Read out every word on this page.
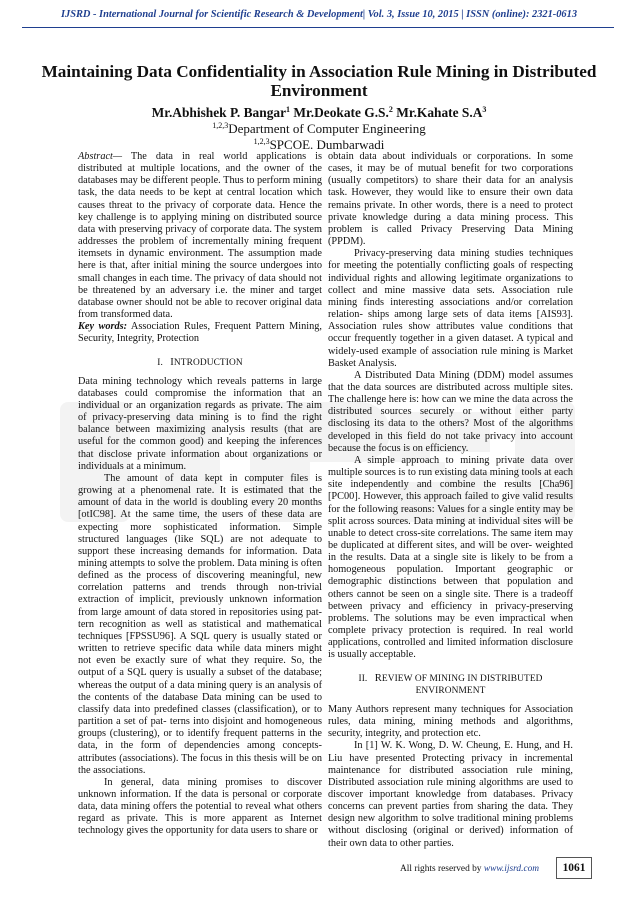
IJSRD - International Journal for Scientific Research & Development| Vol. 3, Issue 10, 2015 | ISSN (online): 2321-0613
Maintaining Data Confidentiality in Association Rule Mining in Distributed Environment
Mr.Abhishek P. Bangar$^1$ Mr.Deokate G.S.$^2$ Mr.Kahate $S.A^3$
$^{1,2,3}$Department of Computer Engineering
$^{1,2,3}$SPCOE. Dumbarwadi

Abstract— The data in real world applications is distributed at multiple locations, and the owner of the databases may be different people. Thus to perform mining task, the data needs to be kept at central location which causes threat to the privacy of corporate data. Hence the key challenge is to applying mining on distributed source data with preserving privacy of corporate data. The system addresses the problem of incrementally mining frequent itemsets in dynamic environment. The assumption made here is that, after initial mining the source undergoes into small changes in each time. The privacy of data should not be threatened by an adversary i.e. the miner and target database owner should not be able to recover original data from transformed data.

Key words: Association Rules, Frequent Pattern Mining, Security, Integrity, Protection

I. INTRODUCTION

Data mining technology which reveals patterns in large databases could compromise the information that an individual or an organization regards as private. The aim of privacy-preserving data mining is to find the right balance between maximizing analysis results (that are useful for the common good) and keeping the inferences that disclose private information about organizations or individuals at a minimum.

The amount of data kept in computer files is growing at a phenomenal rate. It is estimated that the amount of data in the world is doubling every 20 months [otIC98]. At the same time, the users of these data are expecting more sophisticated information. Simple structured languages (like SQL) are not adequate to support these increasing demands for information. Data mining attempts to solve the problem. Data mining is often defined as the process of discovering meaningful, new correlation patterns and trends through non-trivial extraction of implicit, previously unknown information from large amount of data stored in repositories using pat- tern recognition as well as statistical and mathematical techniques [FPSSU96]. A SQL query is usually stated or written to retrieve specific data while data miners might not even be exactly sure of what they require. So, the output of a SQL query is usually a subset of the database; whereas the output of a data mining query is an analysis of the contents of the database Data mining can be used to classify data into predefined classes (classification), or to partition a set of pat- terns into disjoint and homogeneous groups (clustering), or to identify frequent patterns in the data, in the form of dependencies among concepts-attributes (associations). The focus in this thesis will be on the associations.

In general, data mining promises to discover unknown information. If the data is personal or corporate data, data mining offers the potential to reveal what others regard as private. This is more apparent as Internet technology gives the opportunity for data users to share or

obtain data about individuals or corporations. In some cases, it may be of mutual benefit for two corporations (usually competitors) to share their data for an analysis task. However, they would like to ensure their own data remains private. In other words, there is a need to protect private knowledge during a data mining process. This problem is called Privacy Preserving Data Mining (PPDM).

Privacy-preserving data mining studies techniques for meeting the potentially conflicting goals of respecting individual rights and allowing legitimate organizations to collect and mine massive data sets. Association rule mining finds interesting associations and/or correlation relation- ships among large sets of data items [AIS93]. Association rules show attributes value conditions that occur frequently together in a given dataset. A typical and widely-used example of association rule mining is Market Basket Analysis.

A Distributed Data Mining (DDM) model assumes that the data sources are distributed across multiple sites. The challenge here is: how can we mine the data across the distributed sources securely or without either party disclosing its data to the others? Most of the algorithms developed in this field do not take privacy into account because the focus is on efficiency.

A simple approach to mining private data over multiple sources is to run existing data mining tools at each site independently and combine the results [Cha96] [PC00]. However, this approach failed to give valid results for the following reasons: Values for a single entity may be split across sources. Data mining at individual sites will be unable to detect cross-site correlations. The same item may be duplicated at different sites, and will be over- weighted in the results. Data at a single site is likely to be from a homogeneous population. Important geographic or demographic distinctions between that population and others cannot be seen on a single site. There is a tradeoff between privacy and efficiency in privacy-preserving problems. The solutions may be even impractical when complete privacy protection is required. In real world applications, controlled and limited information disclosure is usually acceptable.

II. REVIEW OF MINING IN DISTRIBUTED ENVIRONMENT

Many Authors represent many techniques for Association rules, data mining, mining methods and algorithms, security, integrity, and protection etc.

In [1] W. K. Wong, D. W. Cheung, E. Hung, and H. Liu have presented Protecting privacy in incremental maintenance for distributed association rule mining, Distributed association rule mining algorithms are used to discover important knowledge from databases. Privacy concerns can prevent parties from sharing the data. They design new algorithm to solve traditional mining problems without disclosing (original or derived) information of their own data to other parties.

All rights reserved by www.ijsrd.com	1061
